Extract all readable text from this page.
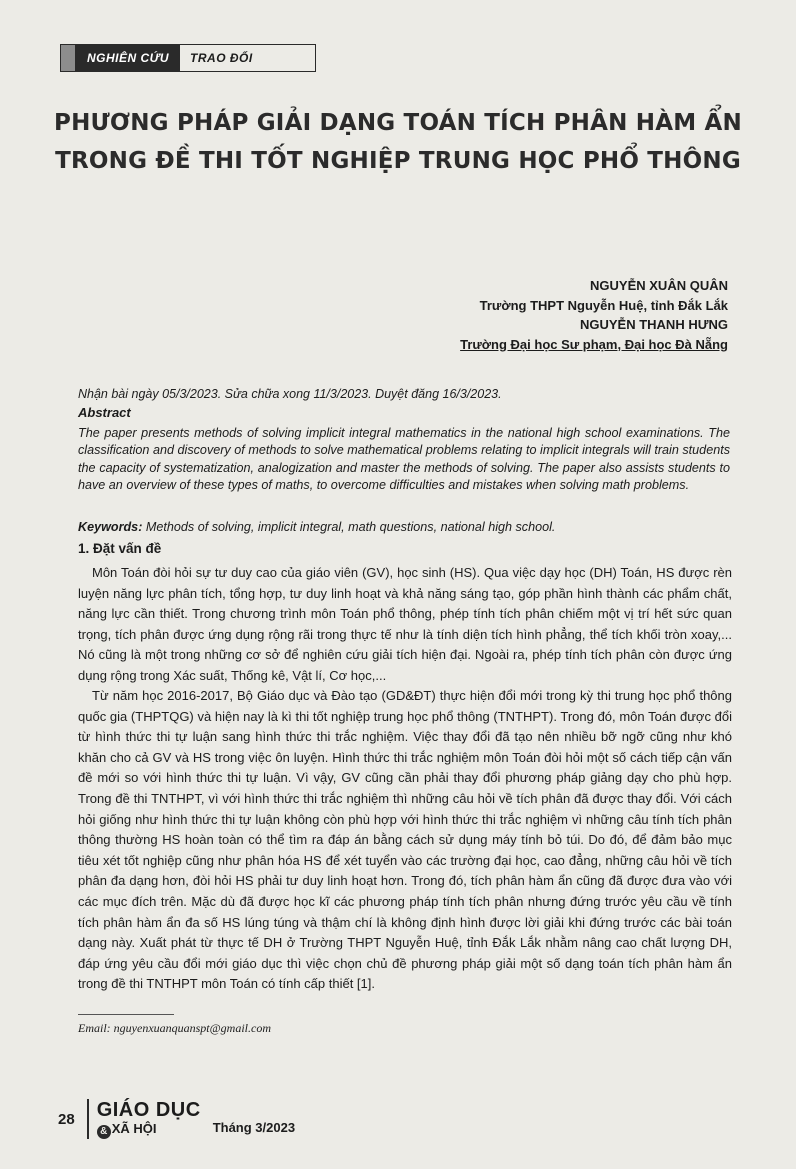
NGHIÊN CỨU	TRAO ĐỔI
PHƯƠNG PHÁP GIẢI DẠNG TOÁN TÍCH PHÂN HÀM ẨN
TRONG ĐỀ THI TỐT NGHIỆP TRUNG HỌC PHỔ THÔNG
NGUYỄN XUÂN QUÂN
Trường THPT Nguyễn Huệ, tỉnh Đắk Lắk
NGUYỄN THANH HƯNG
Trường Đại học Sư phạm, Đại học Đà Nẵng
Nhận bài ngày 05/3/2023. Sửa chữa xong 11/3/2023. Duyệt đăng 16/3/2023.
Abstract
The paper presents methods of solving implicit integral mathematics in the national high school examinations. The classification and discovery of methods to solve mathematical problems relating to implicit integrals will train students the capacity of systematization, analogization and master the methods of solving. The paper also assists students to have an overview of these types of maths, to overcome difficulties and mistakes when solving math problems.
Keywords: Methods of solving, implicit integral, math questions, national high school.
1. Đặt vấn đề

Môn Toán đòi hỏi sự tư duy cao của giáo viên (GV), học sinh (HS). Qua việc dạy học (DH) Toán, HS được rèn luyện năng lực phân tích, tổng hợp, tư duy linh hoạt và khả năng sáng tạo, góp phần hình thành các phẩm chất, năng lực cần thiết. Trong chương trình môn Toán phổ thông, phép tính tích phân chiếm một vị trí hết sức quan trọng, tích phân được ứng dụng rộng rãi trong thực tế như là tính diện tích hình phẳng, thể tích khối tròn xoay,... Nó cũng là một trong những cơ sở để nghiên cứu giải tích hiện đại. Ngoài ra, phép tính tích phân còn được ứng dụng rộng trong Xác suất, Thống kê, Vật lí, Cơ học,...

Từ năm học 2016-2017, Bộ Giáo dục và Đào tạo (GD&ĐT) thực hiện đổi mới trong kỳ thi trung học phổ thông quốc gia (THPTQG) và hiện nay là kì thi tốt nghiệp trung học phổ thông (TNTHPT). Trong đó, môn Toán được đổi từ hình thức thi tự luận sang hình thức thi trắc nghiệm. Việc thay đổi đã tạo nên nhiều bỡ ngỡ cũng như khó khăn cho cả GV và HS trong việc ôn luyện. Hình thức thi trắc nghiệm môn Toán đòi hỏi một số cách tiếp cận vấn đề mới so với hình thức thi tự luận. Vì vậy, GV cũng cần phải thay đổi phương pháp giảng dạy cho phù hợp. Trong đề thi TNTHPT, vì với hình thức thi trắc nghiệm thì những câu hỏi về tích phân đã được thay đổi. Với cách hỏi giống như hình thức thi tự luận không còn phù hợp với hình thức thi trắc nghiệm vì những câu tính tích phân thông thường HS hoàn toàn có thể tìm ra đáp án bằng cách sử dụng máy tính bỏ túi. Do đó, để đảm bảo mục tiêu xét tốt nghiệp cũng như phân hóa HS để xét tuyển vào các trường đại học, cao đẳng, những câu hỏi về tích phân đa dạng hơn, đòi hỏi HS phải tư duy linh hoạt hơn. Trong đó, tích phân hàm ẩn cũng đã được đưa vào với các mục đích trên. Mặc dù đã được học kĩ các phương pháp tính tích phân nhưng đứng trước yêu cầu về tính tích phân hàm ẩn đa số HS lúng túng và thậm chí là không định hình được lời giải khi đứng trước các bài toán dạng này. Xuất phát từ thực tế DH ở Trường THPT Nguyễn Huệ, tỉnh Đắk Lắk nhằm nâng cao chất lượng DH, đáp ứng yêu cầu đổi mới giáo dục thì việc chọn chủ đề phương pháp giải một số dạng toán tích phân hàm ẩn trong đề thi TNTHPT môn Toán có tính cấp thiết [1].

Email: nguyenxuanquanspt@gmail.com
28 GIÁO DỤC
& XÃ HỘI	Tháng 3/2023
